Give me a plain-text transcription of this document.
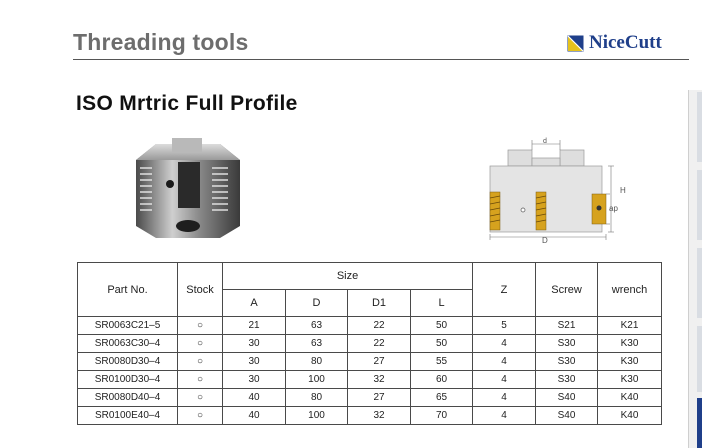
Threading tools	NiceCutt
ISO Mrtric Full Profile
d
H
ap
D
Part No.	Stock	Size				Z	Screw	wrench
		A	D	D1	L			
SR0063C21–5	○	21	63	22	50	5	S21	K21
SR0063C30–4	○	30	63	22	50	4	S30	K30
SR0080D30–4	○	30	80	27	55	4	S30	K30
SR0100D30–4	○	30	100	32	60	4	S30	K30
SR0080D40–4	○	40	80	27	65	4	S40	K40
SR0100E40–4	○	40	100	32	70	4	S40	K40
